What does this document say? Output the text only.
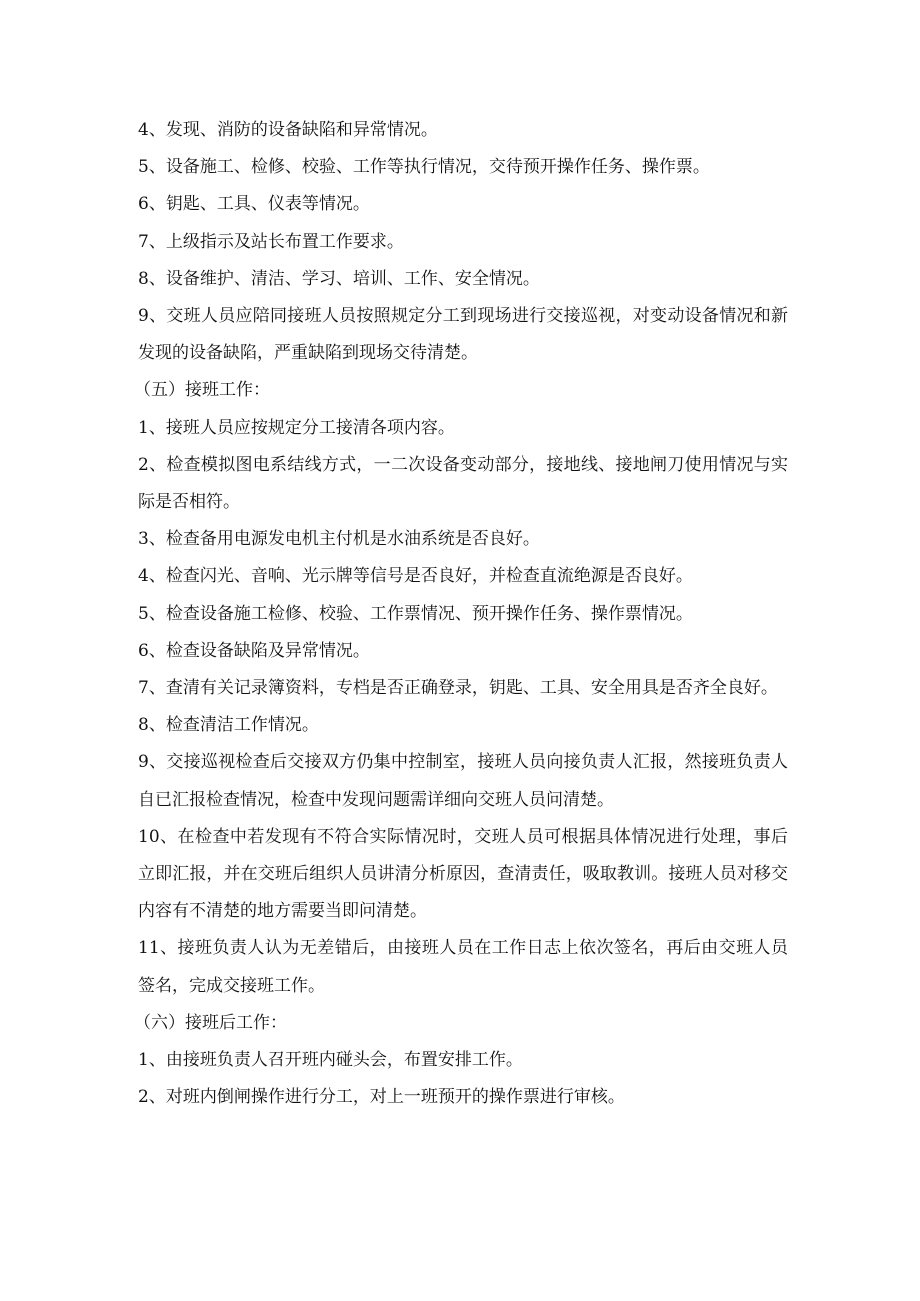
4、发现、消防的设备缺陷和异常情况。

5、设备施工、检修、校验、工作等执行情况，交待预开操作任务、操作票。

6、钥匙、工具、仪表等情况。

7、上级指示及站长布置工作要求。

8、设备维护、清洁、学习、培训、工作、安全情况。

9、交班人员应陪同接班人员按照规定分工到现场进行交接巡视，对变动设备情况和新发现的设备缺陷，严重缺陷到现场交待清楚。

（五）接班工作：

1、接班人员应按规定分工接清各项内容。

2、检查模拟图电系结线方式，一二次设备变动部分，接地线、接地闸刀使用情况与实际是否相符。

3、检查备用电源发电机主付机是水油系统是否良好。

4、检查闪光、音响、光示牌等信号是否良好，并检查直流绝源是否良好。

5、检查设备施工检修、校验、工作票情况、预开操作任务、操作票情况。

6、检查设备缺陷及异常情况。

7、查清有关记录簿资料，专档是否正确登录，钥匙、工具、安全用具是否齐全良好。

8、检查清洁工作情况。

9、交接巡视检查后交接双方仍集中控制室，接班人员向接负责人汇报，然接班负责人自已汇报检查情况，检查中发现问题需详细向交班人员问清楚。

10、在检查中若发现有不符合实际情况时，交班人员可根据具体情况进行处理，事后立即汇报，并在交班后组织人员讲清分析原因，查清责任，吸取教训。接班人员对移交内容有不清楚的地方需要当即问清楚。

11、接班负责人认为无差错后，由接班人员在工作日志上依次签名，再后由交班人员签名，完成交接班工作。

（六）接班后工作：

1、由接班负责人召开班内碰头会，布置安排工作。

2、对班内倒闸操作进行分工，对上一班预开的操作票进行审核。
